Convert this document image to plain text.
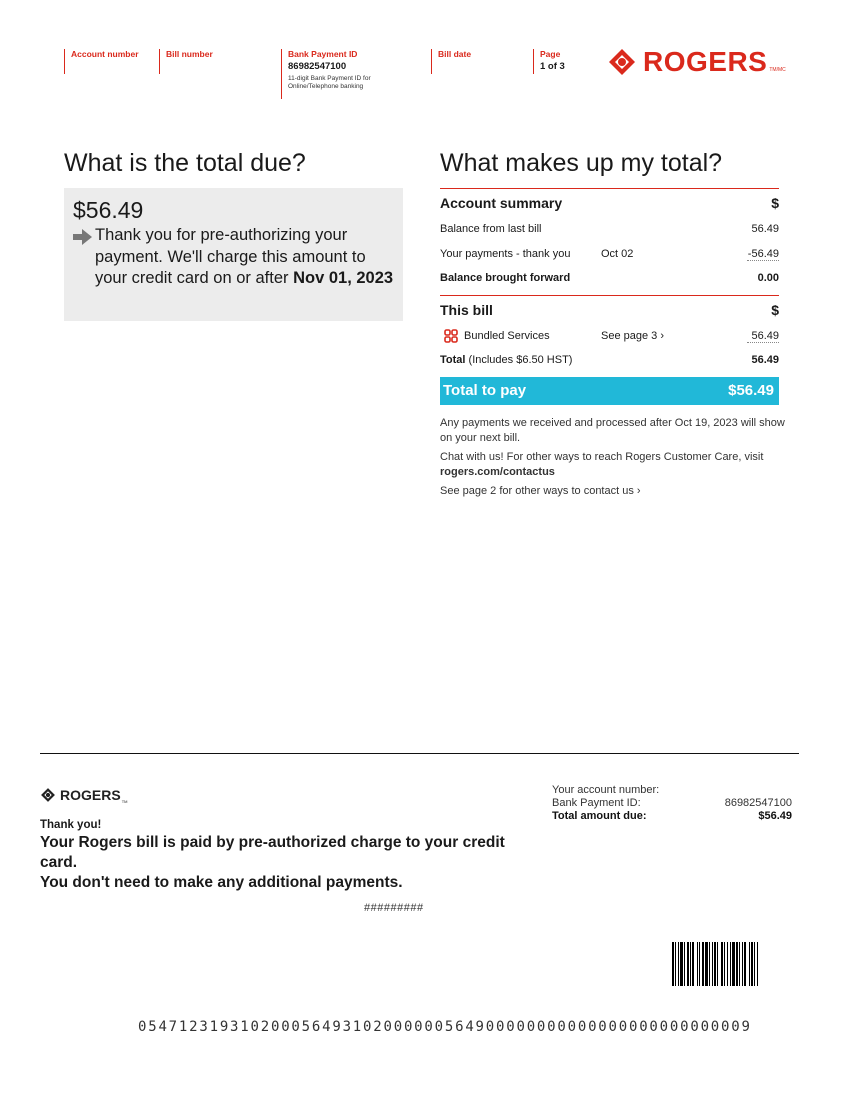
Account number	Bill number	Bank Payment ID
86982547100
11-digit Bank Payment ID for
Online/Telephone banking
Bill date	Page
1 of 3	ROGERS TM/MC
What is the total due?
$56.49
Thank you for pre-authorizing your payment. We'll charge this amount to your credit card on or after Nov 01, 2023
What makes up my total?
Account summary	$
Balance from last bill	56.49
Your payments - thank you	Oct 02	-56.49
Balance brought forward	0.00
This bill	$
Bundled Services	See page 3 ›	56.49
Total (Includes $6.50 HST)	56.49
Total to pay	$56.49

Any payments we received and processed after Oct 19, 2023 will show on your next bill.

Chat with us! For other ways to reach Rogers Customer Care, visit rogers.com/contactus

See page 2 for other ways to contact us ›

ROGERS TM
Your account number:
Bank Payment ID:	86982547100
Total amount due:	$56.49
Thank you!
Your Rogers bill is paid by pre-authorized charge to your credit card.
You don't need to make any additional payments.
#########
054712319310200056493102000000564900000000000000000000000009
